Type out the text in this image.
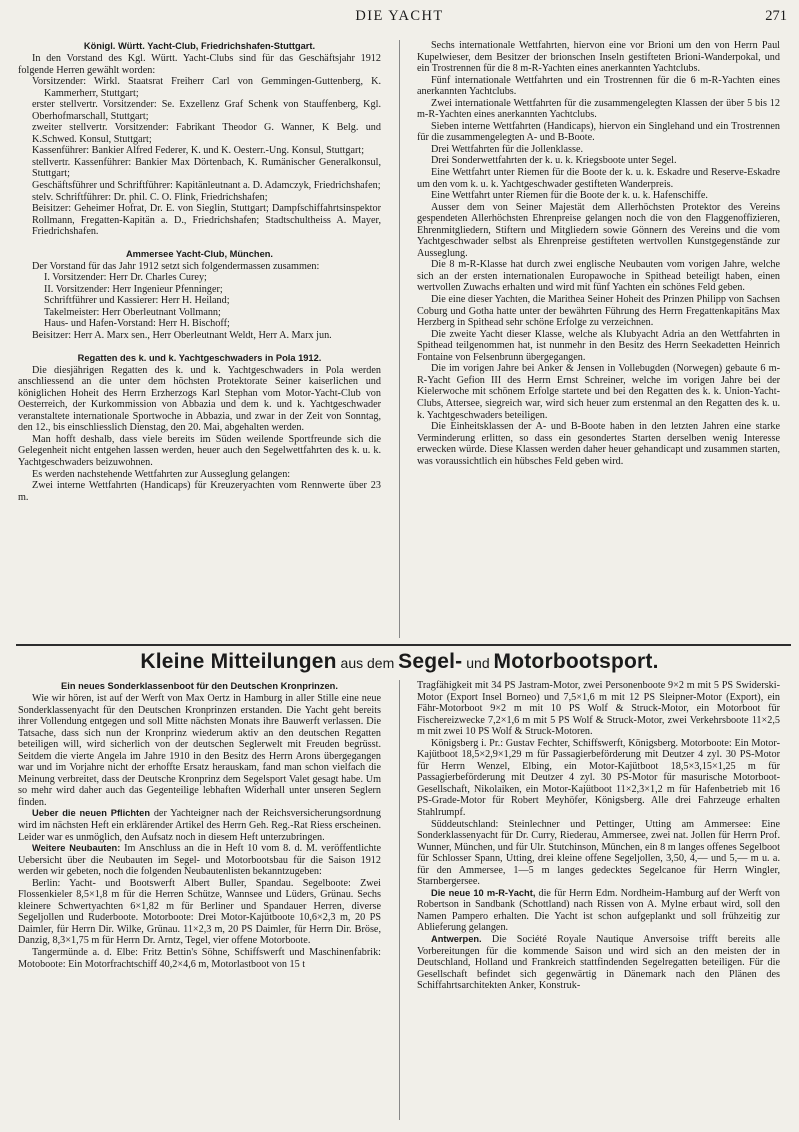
DIE YACHT	271

Königl. Württ. Yacht-Club, Friedrichshafen-Stuttgart.

In den Vorstand des Kgl. Württ. Yacht-Clubs sind für das Geschäftsjahr 1912 folgende Herren gewählt worden:

Vorsitzender: Wirkl. Staatsrat Freiherr Carl von Gemmingen-Guttenberg, K. Kammerherr, Stuttgart;

erster stellvertr. Vorsitzender: Se. Exzellenz Graf Schenk von Stauffenberg, Kgl. Oberhofmarschall, Stuttgart;

zweiter stellvertr. Vorsitzender: Fabrikant Theodor G. Wanner, K Belg. und K.Schwed. Konsul, Stuttgart;

Kassenführer: Bankier Alfred Federer, K. und K. Oesterr.-Ung. Konsul, Stuttgart;

stellvertr. Kassenführer: Bankier Max Dörtenbach, K. Rumänischer Generalkonsul, Stuttgart;

Geschäftsführer und Schriftführer: Kapitänleutnant a. D. Adamczyk, Friedrichshafen;

stelv. Schriftführer: Dr. phil. C. O. Flink, Friedrichshafen;

Beisitzer: Geheimer Hofrat, Dr. E. von Sieglin, Stuttgart; Dampfschiffahrtsinspektor Rollmann, Fregatten-Kapitän a. D., Friedrichshafen; Stadtschultheiss A. Mayer, Friedrichshafen.

Ammersee Yacht-Club, München.

Der Vorstand für das Jahr 1912 setzt sich folgendermassen zusammen:

I. Vorsitzender: Herr Dr. Charles Curey;

II. Vorsitzender: Herr Ingenieur Pfenninger;

Schriftführer und Kassierer: Herr H. Heiland;

Takelmeister: Herr Oberleutnant Vollmann;

Haus- und Hafen-Vorstand: Herr H. Bischoff;

Beisitzer: Herr A. Marx sen., Herr Oberleutnant Weldt, Herr A. Marx jun.

Regatten des k. und k. Yachtgeschwaders in Pola 1912.

Die diesjährigen Regatten des k. und k. Yachtgeschwaders in Pola werden anschliessend an die unter dem höchsten Protektorate Seiner kaiserlichen und königlichen Hoheit des Herrn Erzherzogs Karl Stephan vom Motor-Yacht-Club von Oesterreich, der Kurkommission von Abbazia und dem k. und k. Yachtgeschwader veranstaltete internationale Sportwoche in Abbazia, und zwar in der Zeit von Sonntag, den 12., bis einschliesslich Dienstag, den 20. Mai, abgehalten werden.

Man hofft deshalb, dass viele bereits im Süden weilende Sportfreunde sich die Gelegenheit nicht entgehen lassen werden, heuer auch den Segelwettfahrten des k. u. k. Yachtgeschwaders beizuwohnen.

Es werden nachstehende Wettfahrten zur Ausseglung gelangen:

Zwei interne Wettfahrten (Handicaps) für Kreuzeryachten vom Rennwerte über 23 m.

Sechs internationale Wettfahrten, hiervon eine vor Brioni um den von Herrn Paul Kupelwieser, dem Besitzer der brionschen Inseln gestifteten Brioni-Wanderpokal, und ein Trostrennen für die 8 m-R-Yachten eines anerkannten Yachtclubs.

Fünf internationale Wettfahrten und ein Trostrennen für die 6 m-R-Yachten eines anerkannten Yachtclubs.

Zwei internationale Wettfahrten für die zusammengelegten Klassen der über 5 bis 12 m-R-Yachten eines anerkannten Yachtclubs.

Sieben interne Wettfahrten (Handicaps), hiervon ein Singlehand und ein Trostrennen für die zusammengelegten A- und B-Boote.

Drei Wettfahrten für die Jollenklasse.

Drei Sonderwettfahrten der k. u. k. Kriegsboote unter Segel.

Eine Wettfahrt unter Riemen für die Boote der k. u. k. Eskadre und Reserve-Eskadre um den vom k. u. k. Yachtgeschwader gestifteten Wanderpreis.

Eine Wettfahrt unter Riemen für die Boote der k. u. k. Hafenschiffe.

Ausser dem von Seiner Majestät dem Allerhöchsten Protektor des Vereins gespendeten Allerhöchsten Ehrenpreise gelangen noch die von den Flaggenoffizieren, Ehrenmitgliedern, Stiftern und Mitgliedern sowie Gönnern des Vereins und die vom Yachtgeschwader selbst als Ehrenpreise gestifteten wertvollen Kunstgegenstände zur Ausseglung.

Die 8 m-R-Klasse hat durch zwei englische Neubauten vom vorigen Jahre, welche sich an der ersten internationalen Europawoche in Spithead beteiligt haben, einen wertvollen Zuwachs erhalten und wird mit fünf Yachten ein schönes Feld geben.

Die eine dieser Yachten, die Marithea Seiner Hoheit des Prinzen Philipp von Sachsen Coburg und Gotha hatte unter der bewährten Führung des Herrn Fregattenkapitäns Max Herzberg in Spithead sehr schöne Erfolge zu verzeichnen.

Die zweite Yacht dieser Klasse, welche als Klubyacht Adria an den Wettfahrten in Spithead teilgenommen hat, ist nunmehr in den Besitz des Herrn Seekadetten Heinrich Fontaine von Felsenbrunn übergegangen.

Die im vorigen Jahre bei Anker & Jensen in Vollebugden (Norwegen) gebaute 6 m-R-Yacht Gefion III des Herrn Ernst Schreiner, welche im vorigen Jahre bei der Kielerwoche mit schönem Erfolge startete und bei den Regatten des k. k. Union-Yacht-Clubs, Attersee, siegreich war, wird sich heuer zum erstenmal an den Regatten des k. u. k. Yachtgeschwaders beteiligen.

Die Einheitsklassen der A- und B-Boote haben in den letzten Jahren eine starke Verminderung erlitten, so dass ein gesondertes Starten derselben wenig Interesse erwecken würde. Diese Klassen werden daher heuer gehandicapt und zusammen starten, was voraussichtlich ein hübsches Feld geben wird.

Kleine Mitteilungen aus dem Segel- und Motorbootsport.

Ein neues Sonderklassenboot für den Deutschen Kronprinzen.

Wie wir hören, ist auf der Werft von Max Oertz in Hamburg in aller Stille eine neue Sonderklassenyacht für den Deutschen Kronprinzen erstanden. Die Yacht geht bereits ihrer Vollendung entgegen und soll Mitte nächsten Monats ihre Bauwerft verlassen. Die Tatsache, dass sich nun der Kronprinz wiederum aktiv an den deutschen Regatten beteiligen will, wird sicherlich von der deutschen Seglerwelt mit Freuden begrüsst. Seitdem die vierte Angela im Jahre 1910 in den Besitz des Herrn Arons übergegangen war und im Vorjahre nicht der erhoffte Ersatz herauskam, fand man schon vielfach die Meinung verbreitet, dass der Deutsche Kronprinz dem Segelsport Valet gesagt habe. Um so mehr wird daher auch das Gegenteilige lebhaften Widerhall unter unseren Seglern finden.

Ueber die neuen Pflichten der Yachteigner nach der Reichsversicherungsordnung wird im nächsten Heft ein erklärender Artikel des Herrn Geh. Reg.-Rat Riess erscheinen. Leider war es unmöglich, den Aufsatz noch in diesem Heft unterzubringen.

Weitere Neubauten: Im Anschluss an die in Heft 10 vom 8. d. M. veröffentlichte Uebersicht über die Neubauten im Segel- und Motorbootsbau für die Saison 1912 werden wir gebeten, noch die folgenden Neubautenlisten bekanntzugeben:

Berlin: Yacht- und Bootswerft Albert Buller, Spandau. Segelboote: Zwei Flossenkieler 8,5×1,8 m für die Herren Schütze, Wannsee und Lüders, Grünau. Sechs kleinere Schwertyachten 6×1,82 m für Berliner und Spandauer Herren, diverse Segeljollen und Ruderboote. Motorboote: Drei Motor-Kajütboote 10,6×2,3 m, 20 PS Daimler, für Herrn Dir. Wilke, Grünau. 11×2,3 m, 20 PS Daimler, für Herrn Dir. Bröse, Danzig, 8,3×1,75 m für Herrn Dr. Arntz, Tegel, vier offene Motorboote.

Tangermünde a. d. Elbe: Fritz Bettin's Söhne, Schiffswerft und Maschinenfabrik: Motoboote: Ein Motorfrachtschiff 40,2×4,6 m, Motorlastboot von 15 t

Tragfähigkeit mit 34 PS Jastram-Motor, zwei Personenboote 9×2 m mit 5 PS Swiderski-Motor (Export Insel Borneo) und 7,5×1,6 m mit 12 PS Sleipner-Motor (Export), ein Fähr-Motorboot 9×2 m mit 10 PS Wolf & Struck-Motor, ein Motorboot für Fischereizwecke 7,2×1,6 m mit 5 PS Wolf & Struck-Motor, zwei Verkehrsboote 11×2,5 m mit zwei 10 PS Wolf & Struck-Motoren.

Königsberg i. Pr.: Gustav Fechter, Schiffswerft, Königsberg. Motorboote: Ein Motor-Kajütboot 18,5×2,9×1,29 m für Passagierbeförderung mit Deutzer 4 zyl. 30 PS-Motor für Herrn Wenzel, Elbing, ein Motor-Kajütboot 18,5×3,15×1,25 m für Passagierbeförderung mit Deutzer 4 zyl. 30 PS-Motor für masurische Motorboot-Gesellschaft, Nikolaiken, ein Motor-Kajütboot 11×2,3×1,2 m für Hafenbetrieb mit 16 PS-Grade-Motor für Robert Meyhöfer, Königsberg. Alle drei Fahrzeuge erhalten Stahlrumpf.

Süddeutschland: Steinlechner und Pettinger, Utting am Ammersee: Eine Sonderklassenyacht für Dr. Curry, Riederau, Ammersee, zwei nat. Jollen für Herrn Prof. Wunner, München, und für Ulr. Stutchinson, München, ein 8 m langes offenes Segelboot für Schlosser Spann, Utting, drei kleine offene Segeljollen, 3,50, 4,— und 5,— m u. a. für den Ammersee, 1—5 m langes gedecktes Segelcanoe für Herrn Wingler, Starnbergersee.

Die neue 10 m-R-Yacht, die für Herrn Edm. Nordheim-Hamburg auf der Werft von Robertson in Sandbank (Schottland) nach Rissen von A. Mylne erbaut wird, soll den Namen Pampero erhalten. Die Yacht ist schon aufgeplankt und soll frühzeitig zur Ablieferung gelangen.

Antwerpen. Die Société Royale Nautique Anversoise trifft bereits alle Vorbereitungen für die kommende Saison und wird sich an den meisten der in Deutschland, Holland und Frankreich stattfindenden Segelregatten beteiligen. Für die Gesellschaft befindet sich gegenwärtig in Dänemark nach den Plänen des Schiffahrtsarchitekten Anker, Konstruk-
